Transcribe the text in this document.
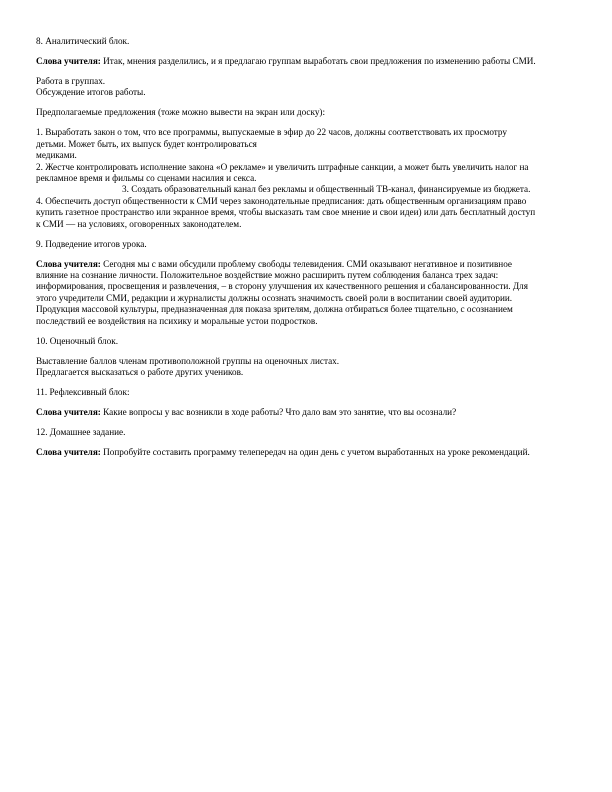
8. Аналитический блок.

Слова учителя: Итак, мнения разделились, и я предлагаю группам выработать свои предложения по изменению работы СМИ.

Работа в группах.
Обсуждение итогов работы.

Предполагаемые предложения (тоже можно вывести на экран или доску):

1. Выработать закон о том, что все программы, выпускаемые в эфир до 22 часов, должны соответствовать их просмотру
детьми. Может быть, их выпуск будет контролироваться
медиками.
2. Жестче контролировать исполнение закона «О рекламе» и увеличить штрафные санкции, а может быть увеличить налог на
рекламное время и фильмы со сценами насилия и секса.
3. Создать образовательный канал без рекламы и общественный ТВ-канал, финансируемые из бюджета.
4. Обеспечить доступ общественности к СМИ через законодательные предписания: дать общественным организациям право
купить газетное пространство или экранное время, чтобы высказать там свое мнение и свои идеи) или дать бесплатный доступ
к СМИ — на условиях, оговоренных законодателем.

9. Подведение итогов урока.

Слова учителя: Сегодня мы с вами обсудили проблему свободы телевидения. СМИ оказывают негативное и позитивное
влияние на сознание личности. Положительное воздействие можно расширить путем соблюдения баланса трех задач:
информирования, просвещения и развлечения, – в сторону улучшения их качественного решения и сбалансированности. Для
этого учредители СМИ, редакции и журналисты должны осознать значимость своей роли в воспитании своей аудитории.
Продукция массовой культуры, предназначенная для показа зрителям, должна отбираться более тщательно, с осознанием
последствий ее воздействия на психику и моральные устои подростков.

10. Оценочный блок.

Выставление баллов членам противоположной группы на оценочных листах.
Предлагается высказаться о работе других учеников.

11. Рефлексивный блок:

Слова учителя: Какие вопросы у вас возникли в ходе работы? Что дало вам это занятие, что вы осознали?

12. Домашнее задание.

Слова учителя: Попробуйте составить программу телепередач на один день с учетом выработанных на уроке рекомендаций.
